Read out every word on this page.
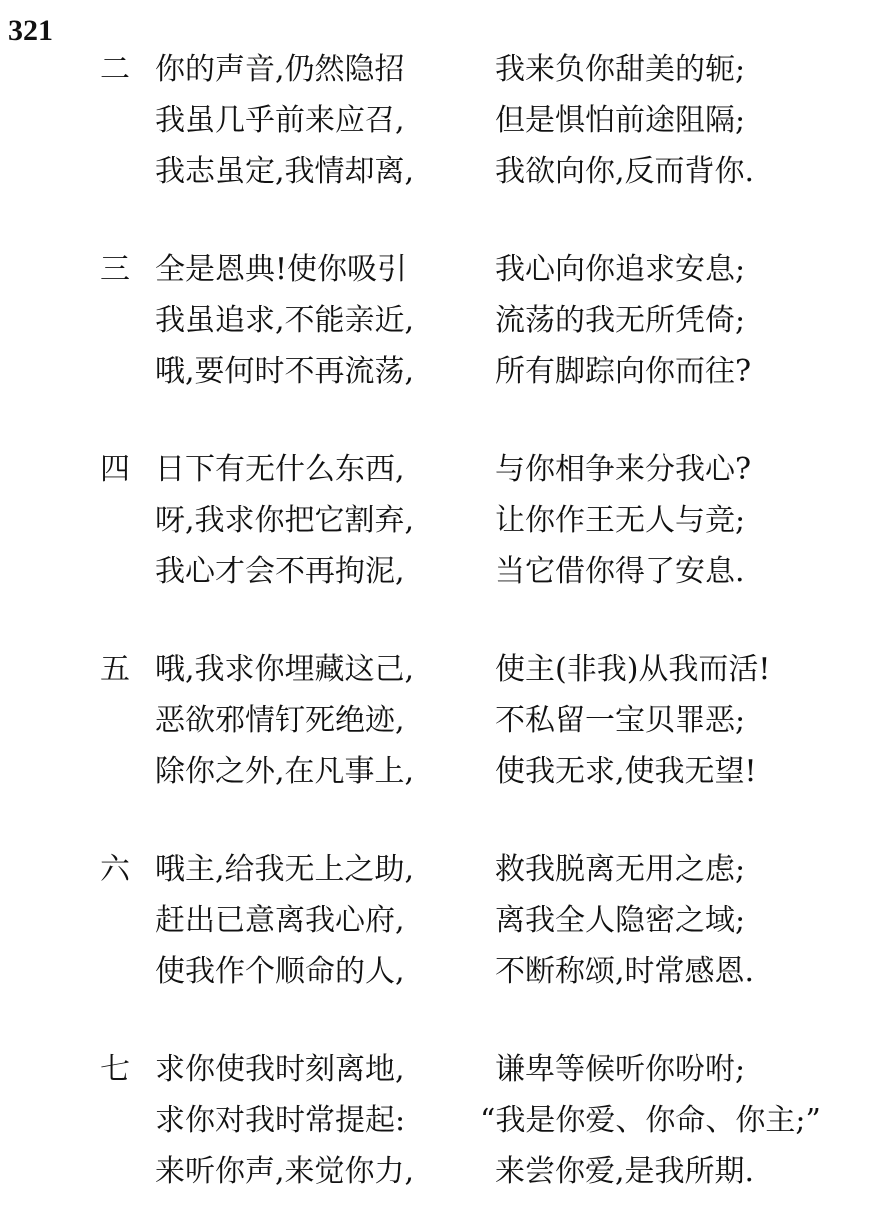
321
二 你的声音,仍然隐招
我虽几乎前来应召,
我志虽定,我情却离,
我来负你甜美的轭;
但是惧怕前途阻隔;
我欲向你,反而背你.
三 全是恩典!使你吸引
我虽追求,不能亲近,
哦,要何时不再流荡,
我心向你追求安息;
流荡的我无所凭倚;
所有脚踪向你而往?
四 日下有无什么东西,
呀,我求你把它割弃,
我心才会不再拘泥,
与你相争来分我心?
让你作王无人与竞;
当它借你得了安息.
五 哦,我求你埋藏这己,
恶欲邪情钉死绝迹,
除你之外,在凡事上,
使主(非我)从我而活!
不私留一宝贝罪恶;
使我无求,使我无望!
六 哦主,给我无上之助,
赶出已意离我心府,
使我作个顺命的人,
救我脱离无用之虑;
离我全人隐密之域;
不断称颂,时常感恩.
七 求你使我时刻离地,
求你对我时常提起:
来听你声,来觉你力,
谦卑等候听你吩咐;
“我是你爱、你命、你主;”
来尝你爱,是我所期.
